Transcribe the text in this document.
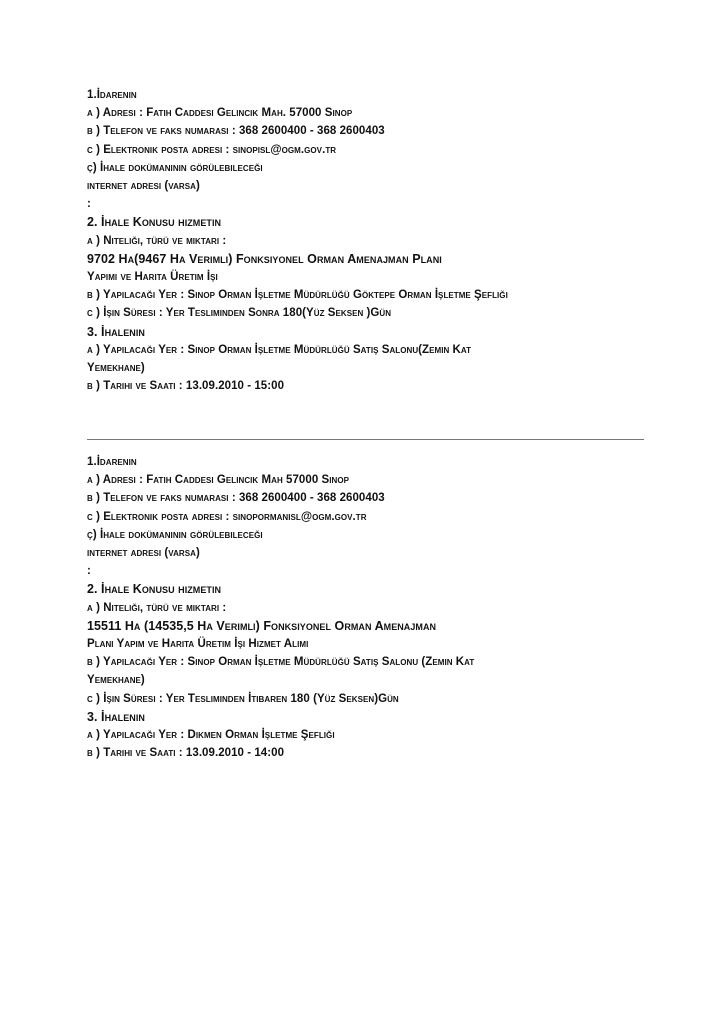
1.İdarenin
a ) Adresi : Fatih Caddesi Gelincik Mah. 57000 Sinop
b ) Telefon ve faks numarası : 368 2600400 - 368 2600403
c ) Elektronik posta adresi : sinopisl@ogm.gov.tr
ç) İhale dokümanının görülebileceği
internet adresi (varsa)
:
2. İhale Konusu hizmetin
a ) Niteliği, türü ve miktarı :
9702 Ha(9467 Ha Verimli) Fonksiyonel Orman Amenajman Planı
Yapımı ve Harita Üretim İşi
b ) Yapılacağı Yer : Sinop Orman İşletme Müdürlüğü Göktepe Orman İşletme Şefliği
c ) İşin Süresi : Yer Tesliminden Sonra 180(Yüz Seksen )Gün
3. İhalenin
a ) Yapılacağı Yer : Sinop Orman İşletme Müdürlüğü Satış Salonu(Zemin Kat
Yemekhane)
b ) Tarihi ve Saati : 13.09.2010 - 15:00
1.İdarenin
a ) Adresi : Fatih Caddesi Gelincik Mah 57000 Sinop
b ) Telefon ve faks numarası : 368 2600400 - 368 2600403
c ) Elektronik posta adresi : sinopormanisl@ogm.gov.tr
ç) İhale dokümanının görülebileceği
internet adresi (varsa)
:
2. İhale Konusu hizmetin
a ) Niteliği, türü ve miktarı :
15511 Ha (14535,5 Ha Verimli) Fonksiyonel Orman Amenajman
Planı Yapım ve Harita Üretim İşi Hizmet Alımı
b ) Yapılacağı Yer : Sinop Orman İşletme Müdürlüğü Satış Salonu (Zemin Kat
Yemekhane)
c ) İşin Süresi : Yer Tesliminden İtibaren 180 (Yüz Seksen)Gün
3. İhalenin
a ) Yapılacağı Yer : Dikmen Orman İşletme Şefliği
b ) Tarihi ve Saati : 13.09.2010 - 14:00
